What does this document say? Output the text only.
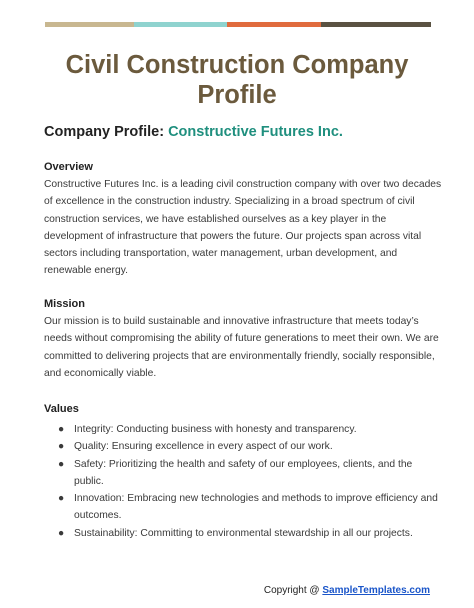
Civil Construction Company
Profile
Company Profile: Constructive Futures Inc.
Overview
Constructive Futures Inc. is a leading civil construction company with over two decades
of excellence in the construction industry. Specializing in a broad spectrum of civil
construction services, we have established ourselves as a key player in the
development of infrastructure that powers the future. Our projects span across vital
sectors including transportation, water management, urban development, and
renewable energy.
Mission
Our mission is to build sustainable and innovative infrastructure that meets today’s
needs without compromising the ability of future generations to meet their own. We are
committed to delivering projects that are environmentally friendly, socially responsible,
and economically viable.
Values
● Integrity: Conducting business with honesty and transparency.
● Quality: Ensuring excellence in every aspect of our work.
● Safety: Prioritizing the health and safety of our employees, clients, and the
public.
● Innovation: Embracing new technologies and methods to improve efficiency and
outcomes.
● Sustainability: Committing to environmental stewardship in all our projects.
Copyright @ SampleTemplates.com
